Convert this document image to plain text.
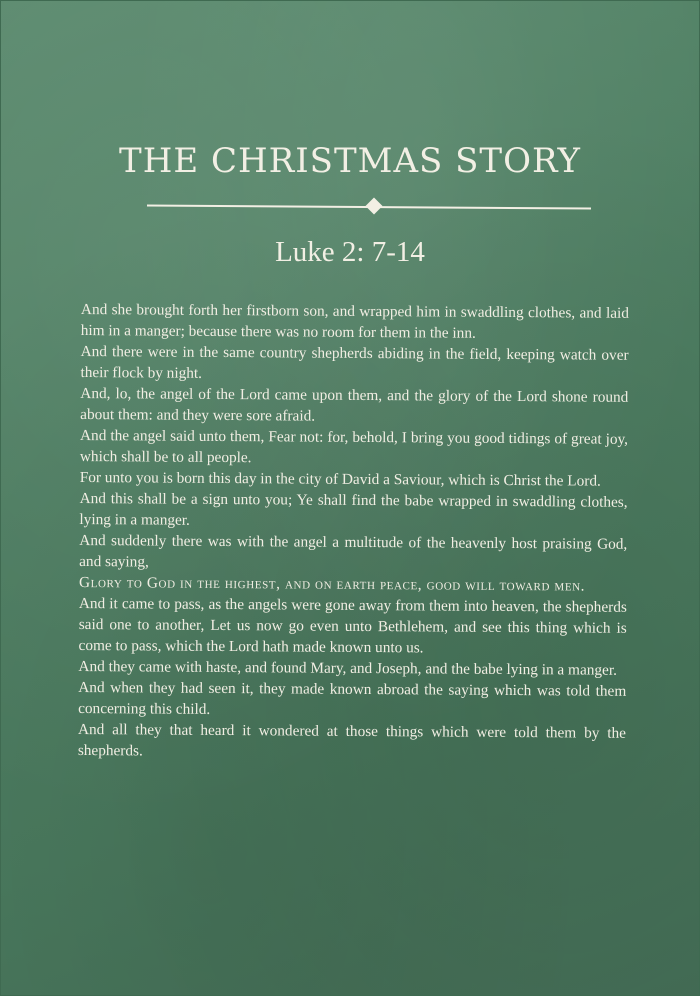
THE CHRISTMAS STORY
Luke 2: 7-14

And she brought forth her firstborn son, and wrapped him in swaddling clothes, and laid him in a manger; because there was no room for them in the inn.

And there were in the same country shepherds abiding in the field, keeping watch over their flock by night.

And, lo, the angel of the Lord came upon them, and the glory of the Lord shone round about them: and they were sore afraid.

And the angel said unto them, Fear not: for, behold, I bring you good tidings of great joy, which shall be to all people.

For unto you is born this day in the city of David a Saviour, which is Christ the Lord.

And this shall be a sign unto you; Ye shall find the babe wrapped in swaddling clothes, lying in a manger.

And suddenly there was with the angel a multitude of the heavenly host praising God, and saying,

Glory to God in the highest, and on earth peace, good will toward men.

And it came to pass, as the angels were gone away from them into heaven, the shepherds said one to another, Let us now go even unto Bethlehem, and see this thing which is come to pass, which the Lord hath made known unto us.

And they came with haste, and found Mary, and Joseph, and the babe lying in a manger.

And when they had seen it, they made known abroad the saying which was told them concerning this child.

And all they that heard it wondered at those things which were told them by the shepherds.
